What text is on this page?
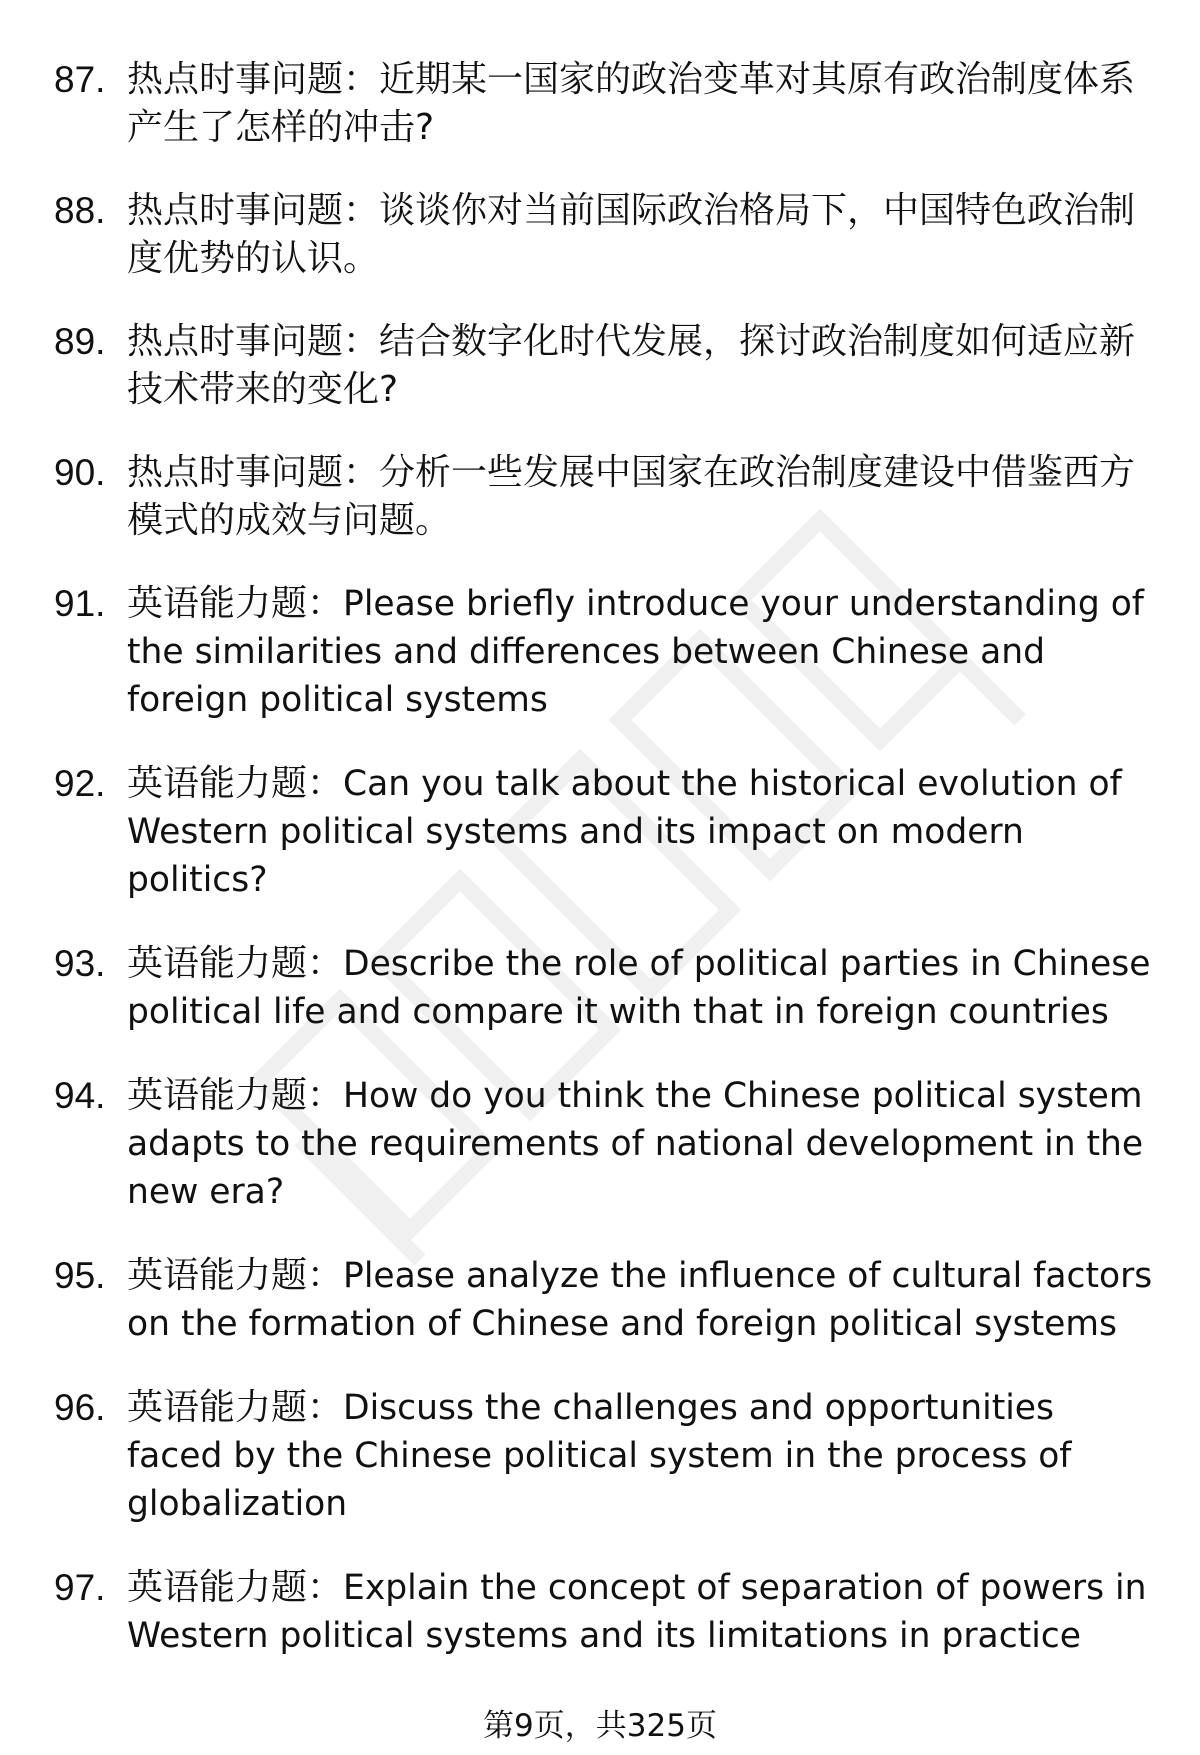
87. 热点时事问题：近期某一国家的政治变革对其原有政治制度体系产生了怎样的冲击?
88. 热点时事问题：谈谈你对当前国际政治格局下，中国特色政治制度优势的认识。
89. 热点时事问题：结合数字化时代发展，探讨政治制度如何适应新技术带来的变化?
90. 热点时事问题：分析一些发展中国家在政治制度建设中借鉴西方模式的成效与问题。
91. 英语能力题：Please briefly introduce your understanding of the similarities and differences between Chinese and foreign political systems
92. 英语能力题：Can you talk about the historical evolution of Western political systems and its impact on modern politics?
93. 英语能力题：Describe the role of political parties in Chinese political life and compare it with that in foreign countries
94. 英语能力题：How do you think the Chinese political system adapts to the requirements of national development in the new era?
95. 英语能力题：Please analyze the influence of cultural factors on the formation of Chinese and foreign political systems
96. 英语能力题：Discuss the challenges and opportunities faced by the Chinese political system in the process of globalization
97. 英语能力题：Explain the concept of separation of powers in Western political systems and its limitations in practice
第9页，共325页
